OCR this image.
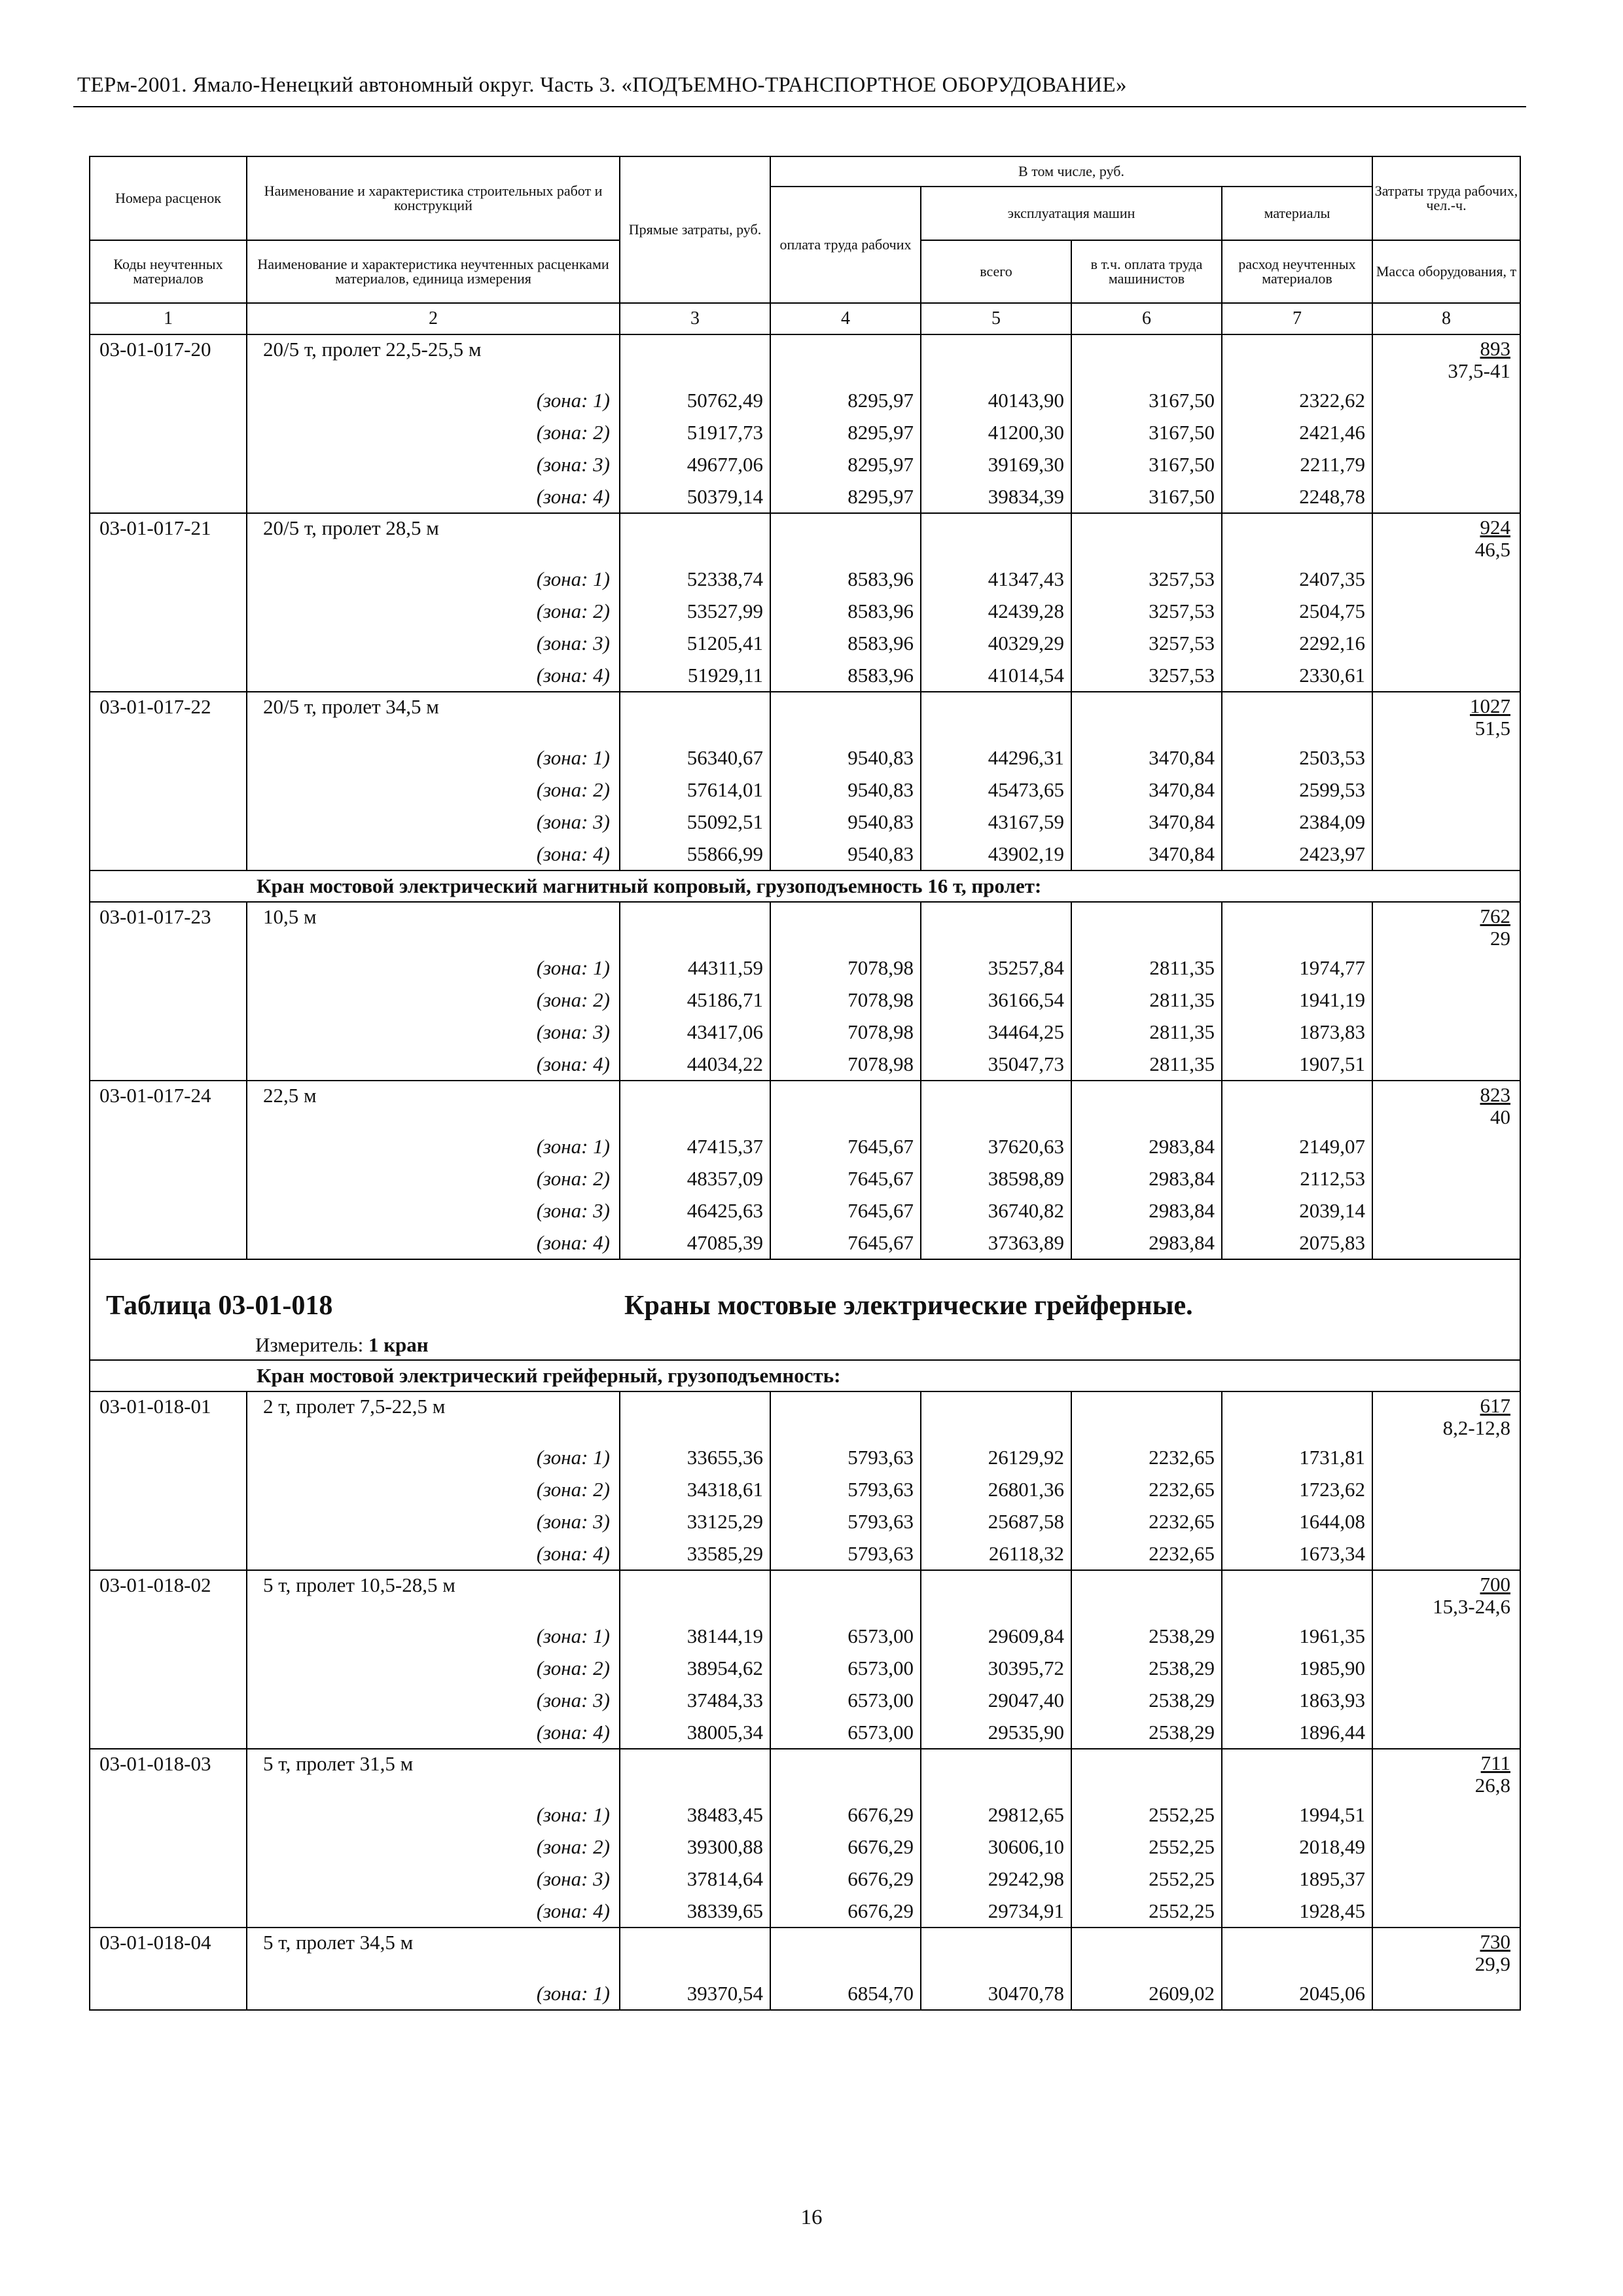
ТЕРм-2001. Ямало-Ненецкий автономный округ. Часть 3. «ПОДЪЕМНО-ТРАНСПОРТНОЕ ОБОРУДОВАНИЕ»
Номера расценок	Наименование и характеристика строительных работ и конструкций	Прямые затраты, руб.	В том числе, руб.				Затраты труда рабочих, чел.-ч.
			оплата труда рабочих	эксплуатация машин		материалы	
Коды неучтенных материалов	Наименование и характеристика неучтенных расценками материалов, единица измерения			всего	в т.ч. оплата труда машинистов	расход неучтенных материалов	Масса оборудования, т
1	2	3	4	5	6	7	8
03-01-017-20	20/5 т, пролет 22,5-25,5 м						893
37,5-41

	(зона: 1)	50762,49	8295,97	40143,90	3167,50	2322,62	
	(зона: 2)	51917,73	8295,97	41200,30	3167,50	2421,46	
	(зона: 3)	49677,06	8295,97	39169,30	3167,50	2211,79	
	(зона: 4)	50379,14	8295,97	39834,39	3167,50	2248,78	
03-01-017-21	20/5 т, пролет 28,5 м						924
46,5

	(зона: 1)	52338,74	8583,96	41347,43	3257,53	2407,35	
	(зона: 2)	53527,99	8583,96	42439,28	3257,53	2504,75	
	(зона: 3)	51205,41	8583,96	40329,29	3257,53	2292,16	
	(зона: 4)	51929,11	8583,96	41014,54	3257,53	2330,61	
03-01-017-22	20/5 т, пролет 34,5 м						1027
51,5

	(зона: 1)	56340,67	9540,83	44296,31	3470,84	2503,53	
	(зона: 2)	57614,01	9540,83	45473,65	3470,84	2599,53	
	(зона: 3)	55092,51	9540,83	43167,59	3470,84	2384,09	
	(зона: 4)	55866,99	9540,83	43902,19	3470,84	2423,97	
Кран мостовой электрический магнитный копровый, грузоподъемность 16 т, пролет:							
03-01-017-23	10,5 м						762
29

	(зона: 1)	44311,59	7078,98	35257,84	2811,35	1974,77	
	(зона: 2)	45186,71	7078,98	36166,54	2811,35	1941,19	
	(зона: 3)	43417,06	7078,98	34464,25	2811,35	1873,83	
	(зона: 4)	44034,22	7078,98	35047,73	2811,35	1907,51	
03-01-017-24	22,5 м						823
40

	(зона: 1)	47415,37	7645,67	37620,63	2983,84	2149,07	
	(зона: 2)	48357,09	7645,67	38598,89	2983,84	2112,53	
	(зона: 3)	46425,63	7645,67	36740,82	2983,84	2039,14	
	(зона: 4)	47085,39	7645,67	37363,89	2983,84	2075,83	

Таблица 03-01-018 Краны мостовые электрические грейферные.
Измеритель: 1 кран							

Кран мостовой электрический грейферный, грузоподъемность:							
03-01-018-01	2 т, пролет 7,5-22,5 м						617
8,2-12,8

	(зона: 1)	33655,36	5793,63	26129,92	2232,65	1731,81	
	(зона: 2)	34318,61	5793,63	26801,36	2232,65	1723,62	
	(зона: 3)	33125,29	5793,63	25687,58	2232,65	1644,08	
	(зона: 4)	33585,29	5793,63	26118,32	2232,65	1673,34	
03-01-018-02	5 т, пролет 10,5-28,5 м						700
15,3-24,6

	(зона: 1)	38144,19	6573,00	29609,84	2538,29	1961,35	
	(зона: 2)	38954,62	6573,00	30395,72	2538,29	1985,90	
	(зона: 3)	37484,33	6573,00	29047,40	2538,29	1863,93	
	(зона: 4)	38005,34	6573,00	29535,90	2538,29	1896,44	
03-01-018-03	5 т, пролет 31,5 м						711
26,8

	(зона: 1)	38483,45	6676,29	29812,65	2552,25	1994,51	
	(зона: 2)	39300,88	6676,29	30606,10	2552,25	2018,49	
	(зона: 3)	37814,64	6676,29	29242,98	2552,25	1895,37	
	(зона: 4)	38339,65	6676,29	29734,91	2552,25	1928,45	
03-01-018-04	5 т, пролет 34,5 м						730
29,9

	(зона: 1)	39370,54	6854,70	30470,78	2609,02	2045,06	
16
